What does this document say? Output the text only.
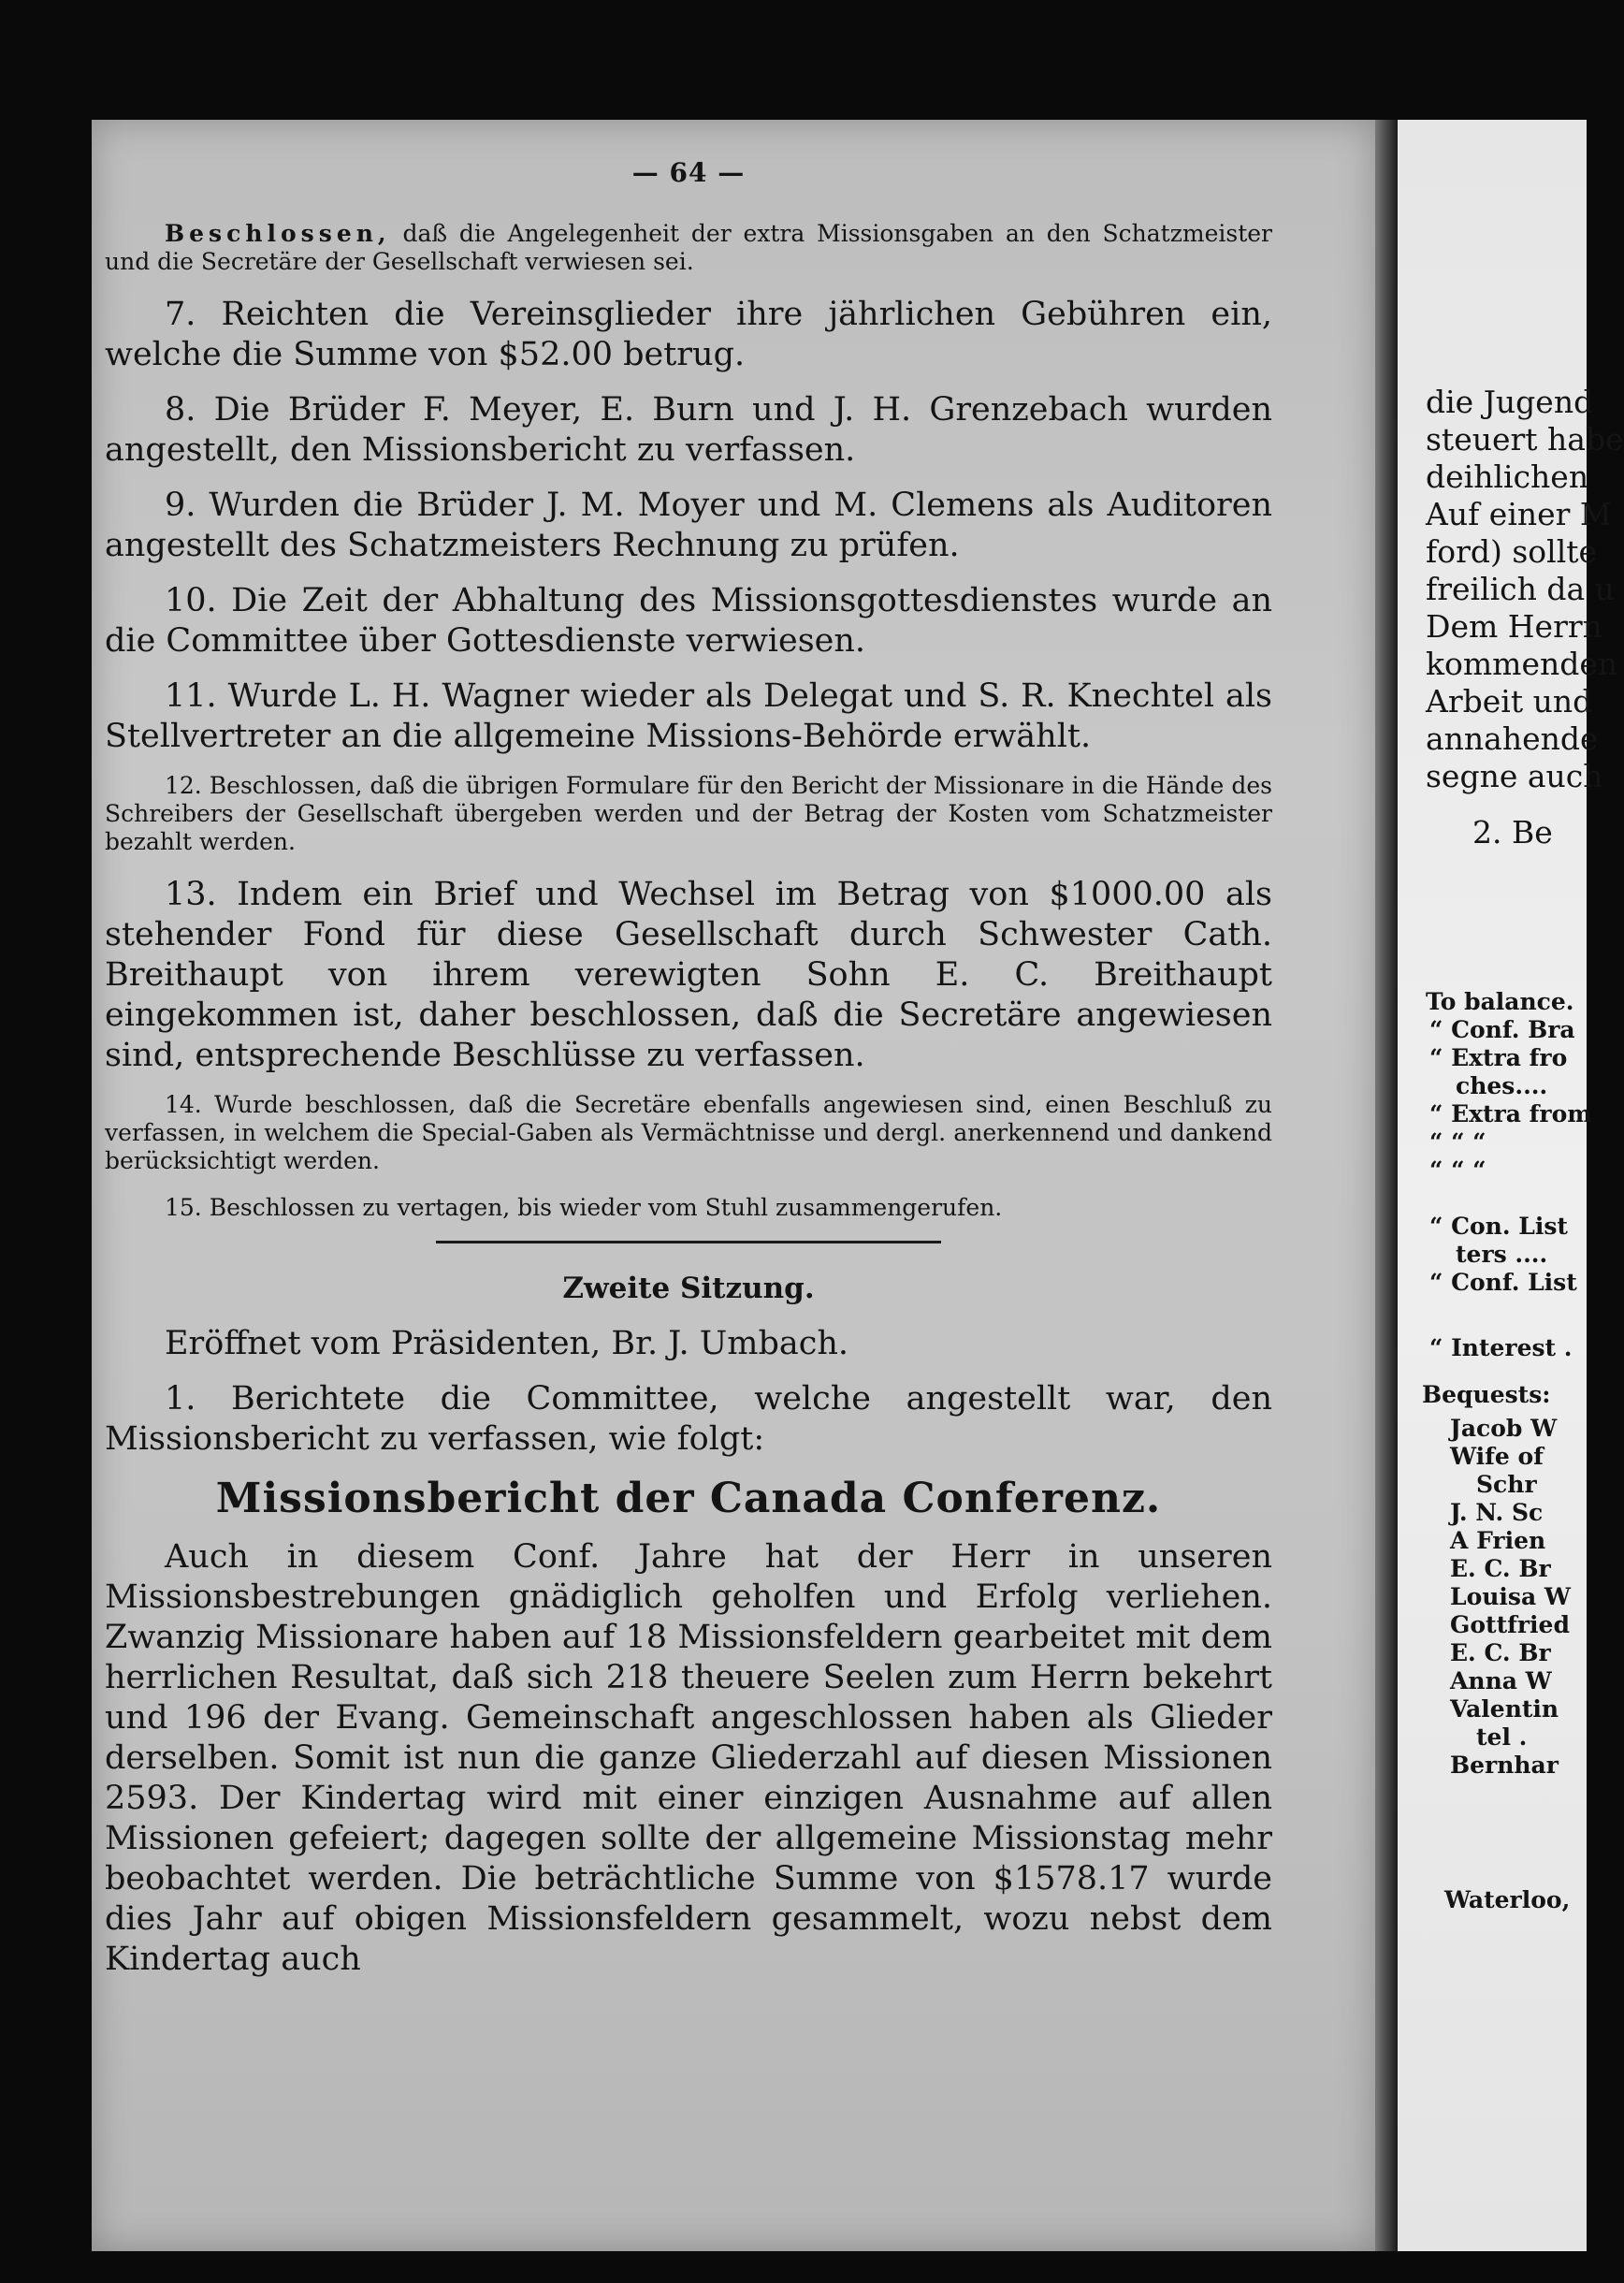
die Jugend
steuert habe
deihlichen
Auf einer M
ford) sollte
freilich da u
Dem Herrn
kommenden
Arbeit und
annahende
segne auch
2. Be
To balance.
“ Conf. Bra
“ Extra fro
ches....
“ Extra from
“ “ “
“ “ “
“ Con. List
ters ....
“ Conf. List
“ Interest .
Bequests:
Jacob W
Wife of
Schr
J. N. Sc
A Frien
E. C. Br
Louisa W
Gottfried
E. C. Br
Anna W
Valentin
tel .
Bernhar
Waterloo,
— 64 —

Beschlossen, daß die Angelegenheit der extra Missionsgaben an den Schatzmeister und die Secretäre der Gesellschaft verwiesen sei.

7. Reichten die Vereinsglieder ihre jährlichen Gebühren ein, welche die Summe von $52.00 betrug.

8. Die Brüder F. Meyer, E. Burn und J. H. Grenzebach wurden angestellt, den Missionsbericht zu verfassen.

9. Wurden die Brüder J. M. Moyer und M. Clemens als Auditoren angestellt des Schatzmeisters Rechnung zu prüfen.

10. Die Zeit der Abhaltung des Missionsgottesdienstes wurde an die Committee über Gottesdienste verwiesen.

11. Wurde L. H. Wagner wieder als Delegat und S. R. Knechtel als Stellvertreter an die allgemeine Missions-Behörde erwählt.

12. Beschlossen, daß die übrigen Formulare für den Bericht der Missionare in die Hände des Schreibers der Gesellschaft übergeben werden und der Betrag der Kosten vom Schatzmeister bezahlt werden.

13. Indem ein Brief und Wechsel im Betrag von $1000.00 als stehender Fond für diese Gesellschaft durch Schwester Cath. Breithaupt von ihrem verewigten Sohn E. C. Breithaupt eingekommen ist, daher beschlossen, daß die Secretäre angewiesen sind, entsprechende Beschlüsse zu verfassen.

14. Wurde beschlossen, daß die Secretäre ebenfalls angewiesen sind, einen Beschluß zu verfassen, in welchem die Special-Gaben als Vermächtnisse und dergl. anerkennend und dankend berücksichtigt werden.

15. Beschlossen zu vertagen, bis wieder vom Stuhl zusammengerufen.

Zweite Sitzung.

Eröffnet vom Präsidenten, Br. J. Umbach.

1. Berichtete die Committee, welche angestellt war, den Missionsbericht zu verfassen, wie folgt:

Missionsbericht der Canada Conferenz.

Auch in diesem Conf. Jahre hat der Herr in unseren Missionsbestrebungen gnädiglich geholfen und Erfolg verliehen. Zwanzig Missionare haben auf 18 Missionsfeldern gearbeitet mit dem herrlichen Resultat, daß sich 218 theuere Seelen zum Herrn bekehrt und 196 der Evang. Gemeinschaft angeschlossen haben als Glieder derselben. Somit ist nun die ganze Gliederzahl auf diesen Missionen 2593. Der Kindertag wird mit einer einzigen Ausnahme auf allen Missionen gefeiert; dagegen sollte der allgemeine Missionstag mehr beobachtet werden. Die beträchtliche Summe von $1578.17 wurde dies Jahr auf obigen Missionsfeldern gesammelt, wozu nebst dem Kindertag auch
